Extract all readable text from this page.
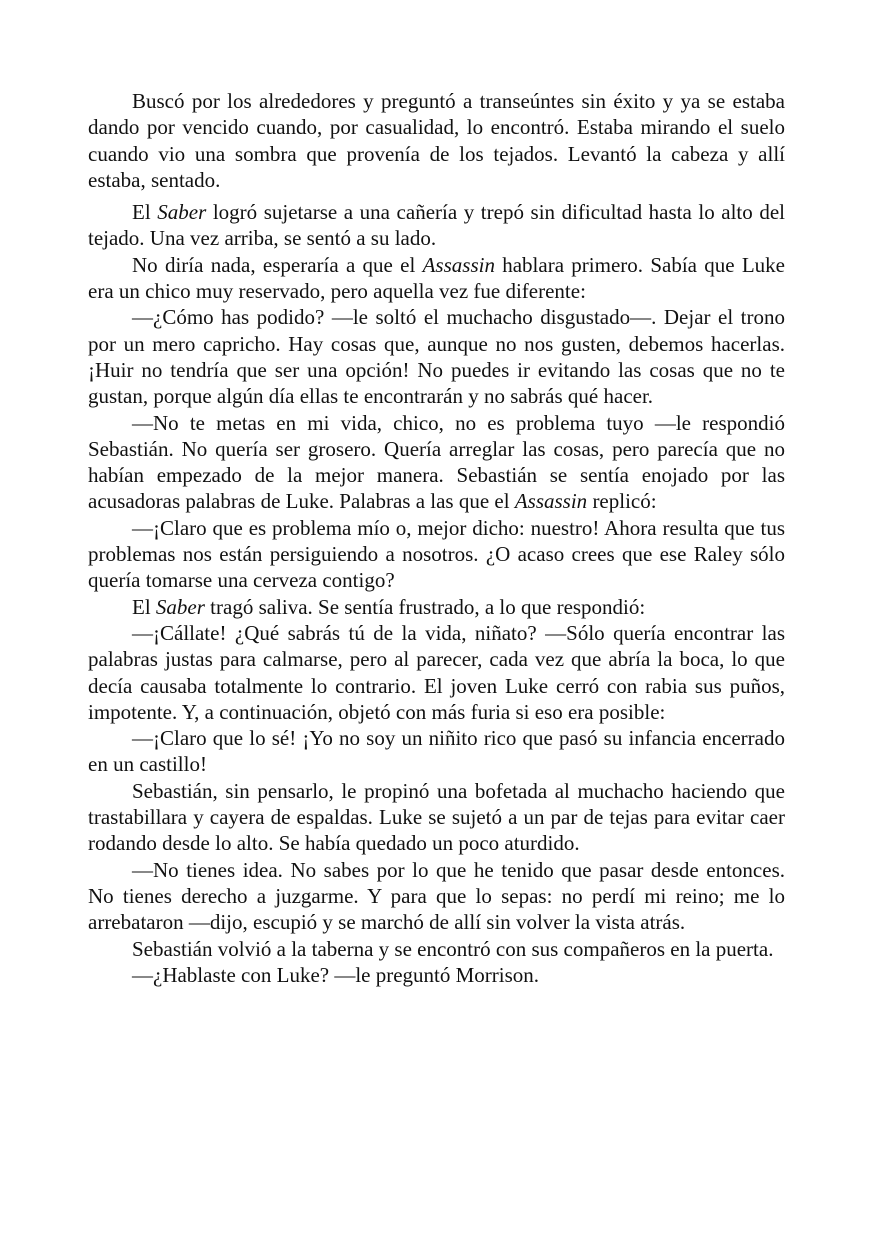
Buscó por los alrededores y preguntó a transeúntes sin éxito y ya se estaba dando por vencido cuando, por casualidad, lo encontró. Estaba mirando el suelo cuando vio una sombra que provenía de los tejados. Levantó la cabeza y allí estaba, sentado.

El Saber logró sujetarse a una cañería y trepó sin dificultad hasta lo alto del tejado. Una vez arriba, se sentó a su lado.

No diría nada, esperaría a que el Assassin hablara primero. Sabía que Luke era un chico muy reservado, pero aquella vez fue diferente:

—¿Cómo has podido? —le soltó el muchacho disgustado—. Dejar el trono por un mero capricho. Hay cosas que, aunque no nos gusten, debemos hacerlas. ¡Huir no tendría que ser una opción! No puedes ir evitando las cosas que no te gustan, porque algún día ellas te encontrarán y no sabrás qué hacer.

—No te metas en mi vida, chico, no es problema tuyo —le respondió Sebastián. No quería ser grosero. Quería arreglar las cosas, pero parecía que no habían empezado de la mejor manera. Sebastián se sentía enojado por las acusadoras palabras de Luke. Palabras a las que el Assassin replicó:

—¡Claro que es problema mío o, mejor dicho: nuestro! Ahora resulta que tus problemas nos están persiguiendo a nosotros. ¿O acaso crees que ese Raley sólo quería tomarse una cerveza contigo?

El Saber tragó saliva. Se sentía frustrado, a lo que respondió:

—¡Cállate! ¿Qué sabrás tú de la vida, niñato? —Sólo quería encontrar las palabras justas para calmarse, pero al parecer, cada vez que abría la boca, lo que decía causaba totalmente lo contrario. El joven Luke cerró con rabia sus puños, impotente. Y, a continuación, objetó con más furia si eso era posible:

—¡Claro que lo sé! ¡Yo no soy un niñito rico que pasó su infancia encerrado en un castillo!

Sebastián, sin pensarlo, le propinó una bofetada al muchacho haciendo que trastabillara y cayera de espaldas. Luke se sujetó a un par de tejas para evitar caer rodando desde lo alto. Se había quedado un poco aturdido.

—No tienes idea. No sabes por lo que he tenido que pasar desde entonces. No tienes derecho a juzgarme. Y para que lo sepas: no perdí mi reino; me lo arrebataron —dijo, escupió y se marchó de allí sin volver la vista atrás.

Sebastián volvió a la taberna y se encontró con sus compañeros en la puerta.

—¿Hablaste con Luke? —le preguntó Morrison.
